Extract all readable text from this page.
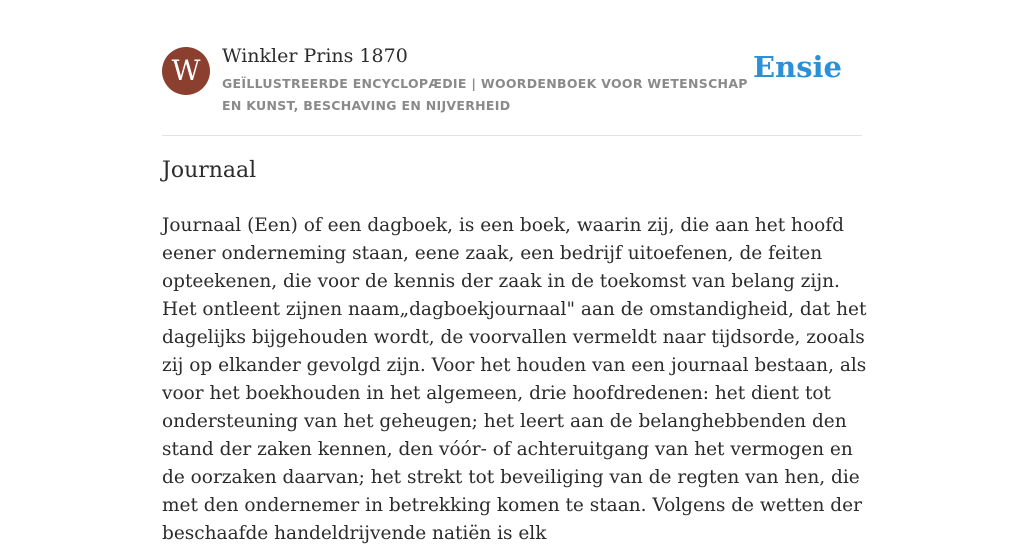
W	Winkler Prins 1870
GEÏLLUSTREERDE ENCYCLOPÆDIE | WOORDENBOEK VOOR WETENSCHAP EN KUNST, BESCHAVING EN NIJVERHEID
Ensie
Journaal

Journaal (Een) of een dagboek, is een boek, waarin zij, die aan het hoofd eener onderneming staan, eene zaak, een bedrijf uitoefenen, de feiten opteekenen, die voor de kennis der zaak in de toekomst van belang zijn. Het ontleent zijnen naam„dagboekjournaal" aan de omstandigheid, dat het dagelijks bijgehouden wordt, de voorvallen vermeldt naar tijdsorde, zooals zij op elkander gevolgd zijn. Voor het houden van een journaal bestaan, als voor het boekhouden in het algemeen, drie hoofdredenen: het dient tot ondersteuning van het geheugen; het leert aan de belanghebbenden den stand der zaken kennen, den vóór- of achteruitgang van het vermogen en de oorzaken daarvan; het strekt tot beveiliging van de regten van hen, die met den ondernemer in betrekking komen te staan. Volgens de wetten der beschaafde handeldrijvende natiën is elk
